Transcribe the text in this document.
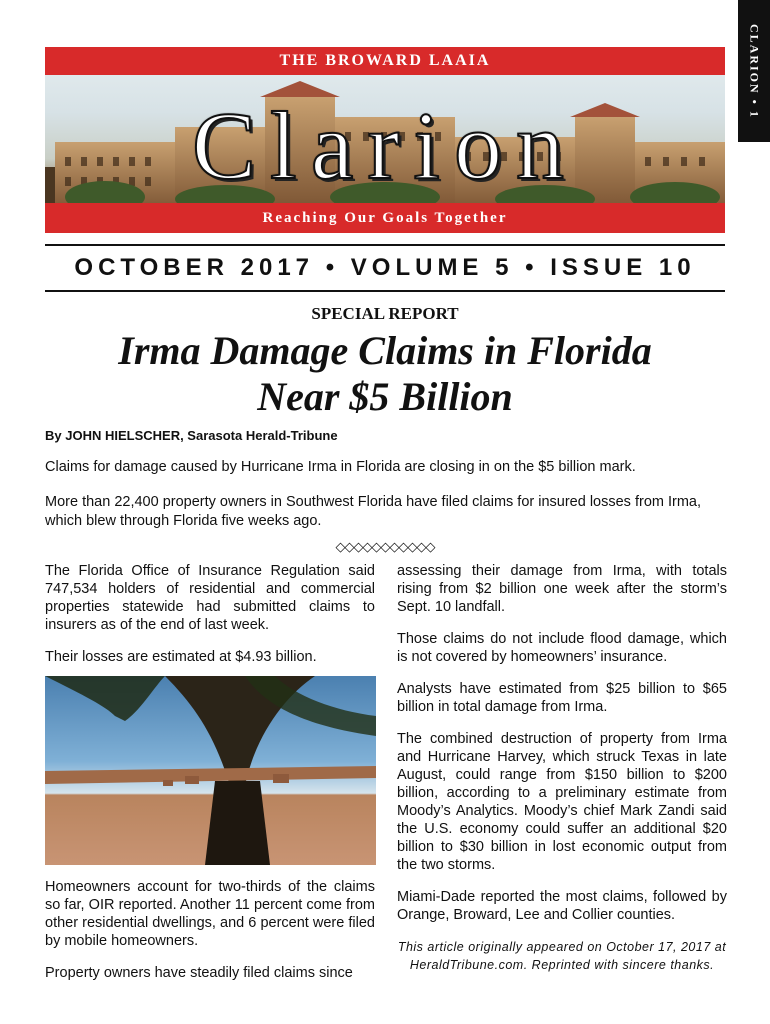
CLARION • 1
THE BROWARD LAAIA
Clarion
Reaching Our Goals Together
OCTOBER 2017 • VOLUME 5 • ISSUE 10
SPECIAL REPORT
Irma Damage Claims in Florida
Near $5 Billion
By JOHN HIELSCHER, Sarasota Herald-Tribune
Claims for damage caused by Hurricane Irma in Florida are closing in on the $5 billion mark.
More than 22,400 property owners in Southwest Florida have filed claims for insured losses from Irma, which blew through Florida five weeks ago.
◇◇◇◇◇◇◇◇◇◇◇

The Florida Office of Insurance Regulation said 747,534 holders of residential and commercial properties statewide had submitted claims to insurers as of the end of last week.

Their losses are estimated at $4.93 billion.

Homeowners account for two-thirds of the claims so far, OIR reported. Another 11 percent come from other residential dwellings, and 6 percent were filed by mobile homeowners.

Property owners have steadily filed claims since

assessing their damage from Irma, with totals rising from $2 billion one week after the storm’s Sept. 10 landfall.

Those claims do not include flood damage, which is not covered by homeowners’ insurance.

Analysts have estimated from $25 billion to $65 billion in total damage from Irma.

The combined destruction of property from Irma and Hurricane Harvey, which struck Texas in late August, could range from $150 billion to $200 billion, according to a preliminary estimate from Moody’s Analytics. Moody’s chief Mark Zandi said the U.S. economy could suffer an additional $20 billion to $30 billion in lost economic output from the two storms.

Miami-Dade reported the most claims, followed by Orange, Broward, Lee and Collier counties.

This article originally appeared on October 17, 2017 at HeraldTribune.com. Reprinted with sincere thanks.
